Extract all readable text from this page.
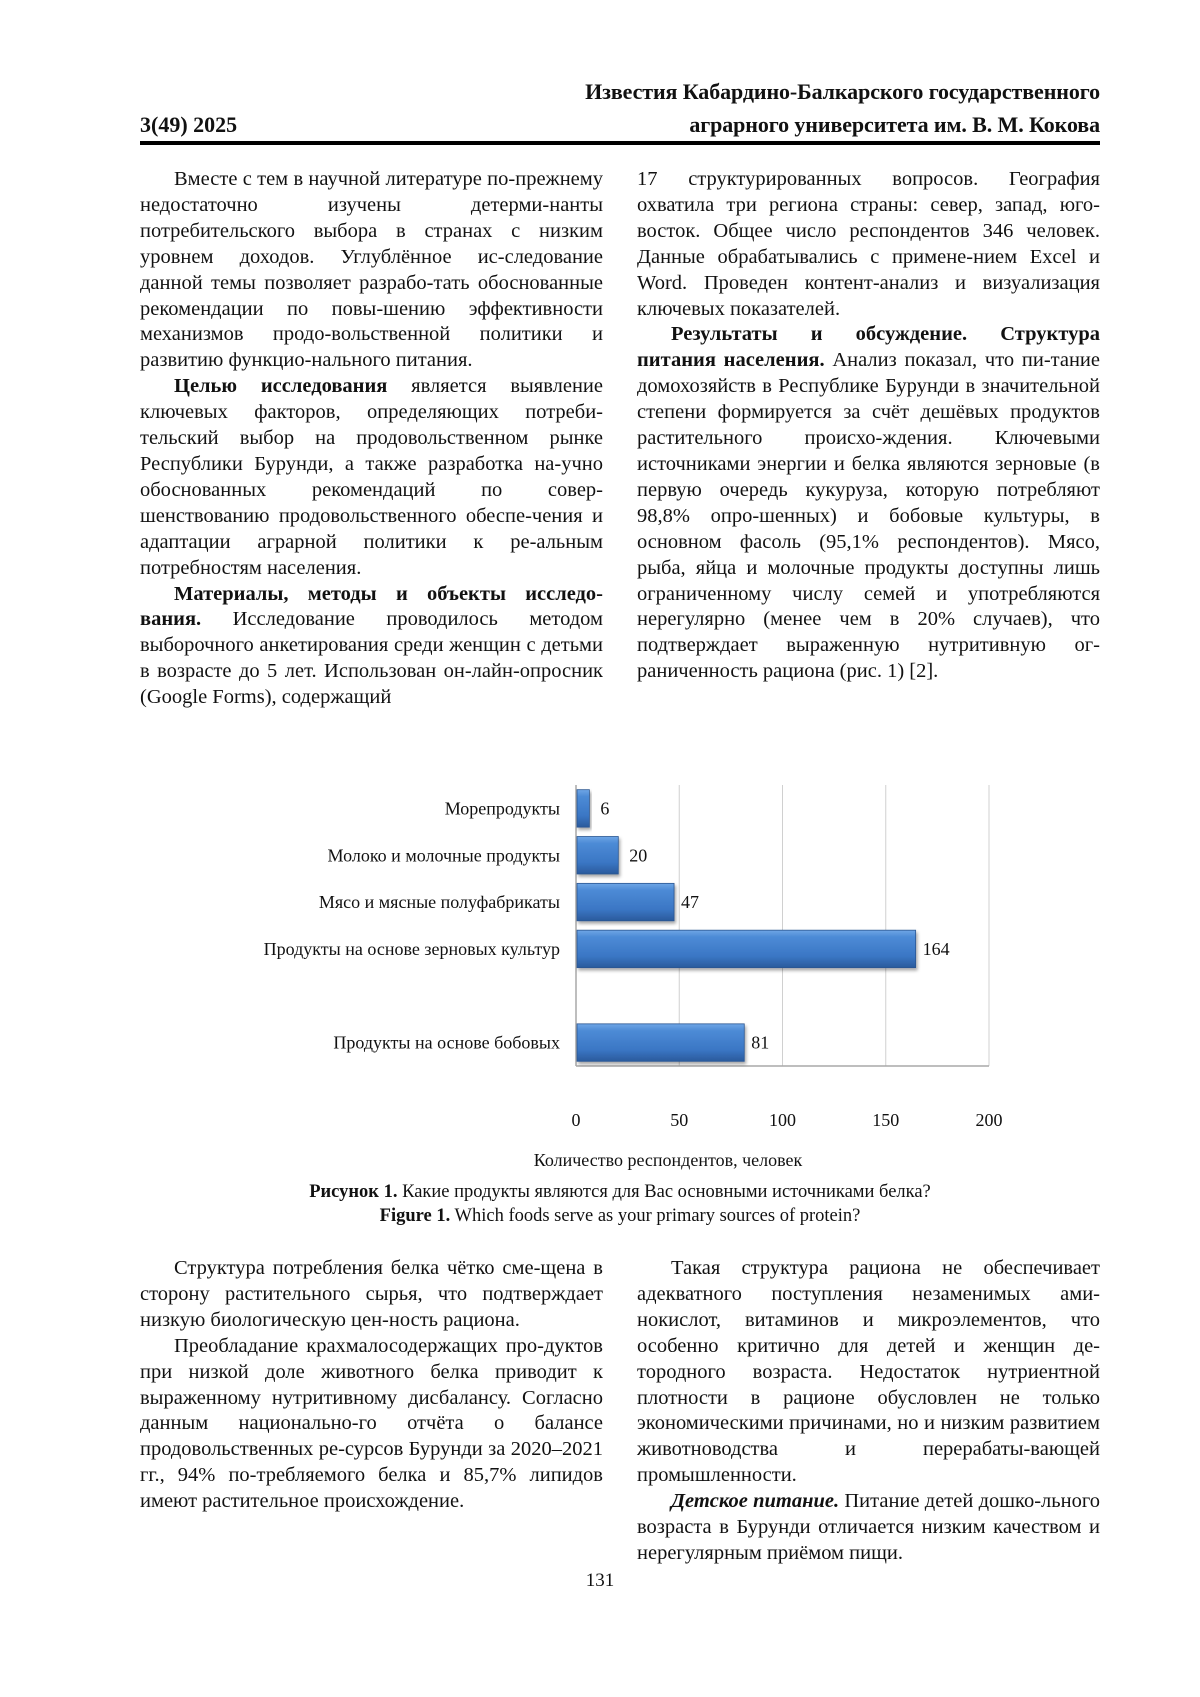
Известия Кабардино-Балкарского государственного
аграрного университета им. В. М. Кокова
3(49) 2025

Вместе с тем в научной литературе по-прежнему недостаточно изучены детерми-нанты потребительского выбора в странах с низким уровнем доходов. Углублённое ис-следование данной темы позволяет разрабо-тать обоснованные рекомендации по повы-шению эффективности механизмов продо-вольственной политики и развитию функцио-нального питания.

Целью исследования является выявление ключевых факторов, определяющих потреби-тельский выбор на продовольственном рынке Республики Бурунди, а также разработка на-учно обоснованных рекомендаций по совер-шенствованию продовольственного обеспе-чения и адаптации аграрной политики к ре-альным потребностям населения.

Материалы, методы и объекты исследо-вания. Исследование проводилось методом выборочного анкетирования среди женщин с детьми в возрасте до 5 лет. Использован он-лайн-опросник (Google Forms), содержащий

17 структурированных вопросов. География охватила три региона страны: север, запад, юго-восток. Общее число респондентов 346 человек. Данные обрабатывались с примене-нием Excel и Word. Проведен контент-анализ и визуализация ключевых показателей.

Результаты и обсуждение. Структура питания населения. Анализ показал, что пи-тание домохозяйств в Республике Бурунди в значительной степени формируется за счёт дешёвых продуктов растительного происхо-ждения. Ключевыми источниками энергии и белка являются зерновые (в первую очередь кукуруза, которую потребляют 98,8% опро-шенных) и бобовые культуры, в основном фасоль (95,1% респондентов). Мясо, рыба, яйца и молочные продукты доступны лишь ограниченному числу семей и употребляются нерегулярно (менее чем в 20% случаев), что подтверждает выраженную нутритивную ог-раниченность рациона (рис. 1) [2].

Морепродукты
Молоко и молочные продукты
Мясо и мясные полуфабрикаты
Продукты на основе зерновых культур
Продукты на основе бобовых
6
20
47
164
81
0	50	100	150	200
Количество респондентов, человек
Рисунок 1. Какие продукты являются для Вас основными источниками белка?
Figure 1. Which foods serve as your primary sources of protein?

Структура потребления белка чётко сме-щена в сторону растительного сырья, что подтверждает низкую биологическую цен-ность рациона.

Преобладание крахмалосодержащих про-дуктов при низкой доле животного белка приводит к выраженному нутритивному дисбалансу. Согласно данным национально-го отчёта о балансе продовольственных ре-сурсов Бурунди за 2020–2021 гг., 94% по-требляемого белка и 85,7% липидов имеют растительное происхождение.

Такая структура рациона не обеспечивает адекватного поступления незаменимых ами-нокислот, витаминов и микроэлементов, что особенно критично для детей и женщин де-тородного возраста. Недостаток нутриентной плотности в рационе обусловлен не только экономическими причинами, но и низким развитием животноводства и перерабаты-вающей промышленности.

Детское питание. Питание детей дошко-льного возраста в Бурунди отличается низким качеством и нерегулярным приёмом пищи.

131
